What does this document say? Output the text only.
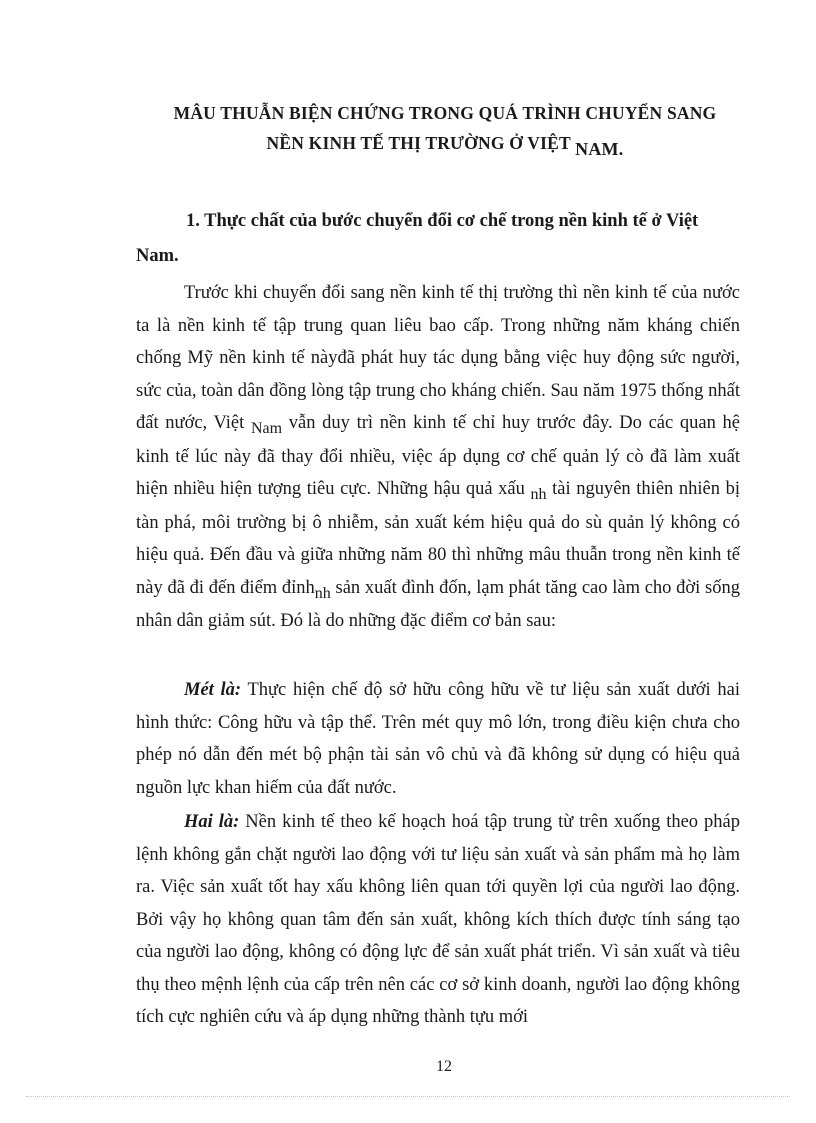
MÂU THUẪN BIỆN CHỨNG TRONG QUÁ TRÌNH CHUYỂN SANG
NỀN KINH TẾ THỊ TRƯỜNG Ở VIỆT NAM.
1. Thực chất của bước chuyển đổi cơ chế trong nền kinh tế ở Việt
Nam.
Trước khi chuyển đổi sang nền kinh tế thị trường thì nền kinh tế của nước ta là nền kinh tế tập trung quan liêu bao cấp. Trong những năm kháng chiến chống Mỹ nền kinh tế nàyđã phát huy tác dụng bằng việc huy động sức người, sức của, toàn dân đồng lòng tập trung cho kháng chiến. Sau năm 1975 thống nhất đất nước, Việt Nam vẫn duy trì nền kinh tế chỉ huy trước đây. Do các quan hệ kinh tế lúc này đã thay đổi nhiều, việc áp dụng cơ chế quản lý cò đã làm xuất hiện nhiều hiện tượng tiêu cực. Những hậu quả xấu nh tài nguyên thiên nhiên bị tàn phá, môi trường bị ô nhiễm, sản xuất kém hiệu quả do sù quản lý không có hiệu quả. Đến đầu và giữa những năm 80 thì những mâu thuẫn trong nền kinh tế này đã đi đến điểm đỉnhnh sản xuất đình đốn, lạm phát tăng cao làm cho đời sống nhân dân giảm sút. Đó là do những đặc điểm cơ bản sau:
Mét là: Thực hiện chế độ sở hữu công hữu về tư liệu sản xuất dưới hai hình thức: Công hữu và tập thể. Trên mét quy mô lớn, trong điều kiện chưa cho phép nó dẫn đến mét bộ phận tài sản vô chủ và đã không sử dụng có hiệu quả nguồn lực khan hiếm của đất nước.
Hai là: Nền kinh tế theo kế hoạch hoá tập trung từ trên xuống theo pháp lệnh không gắn chặt người lao động với tư liệu sản xuất và sản phẩm mà họ làm ra. Việc sản xuất tốt hay xấu không liên quan tới quyền lợi của người lao động. Bởi vậy họ không quan tâm đến sản xuất, không kích thích được tính sáng tạo của người lao động, không có động lực để sản xuất phát triển. Vì sản xuất và tiêu thụ theo mệnh lệnh của cấp trên nên các cơ sở kinh doanh, người lao động không tích cực nghiên cứu và áp dụng những thành tựu mới
12
